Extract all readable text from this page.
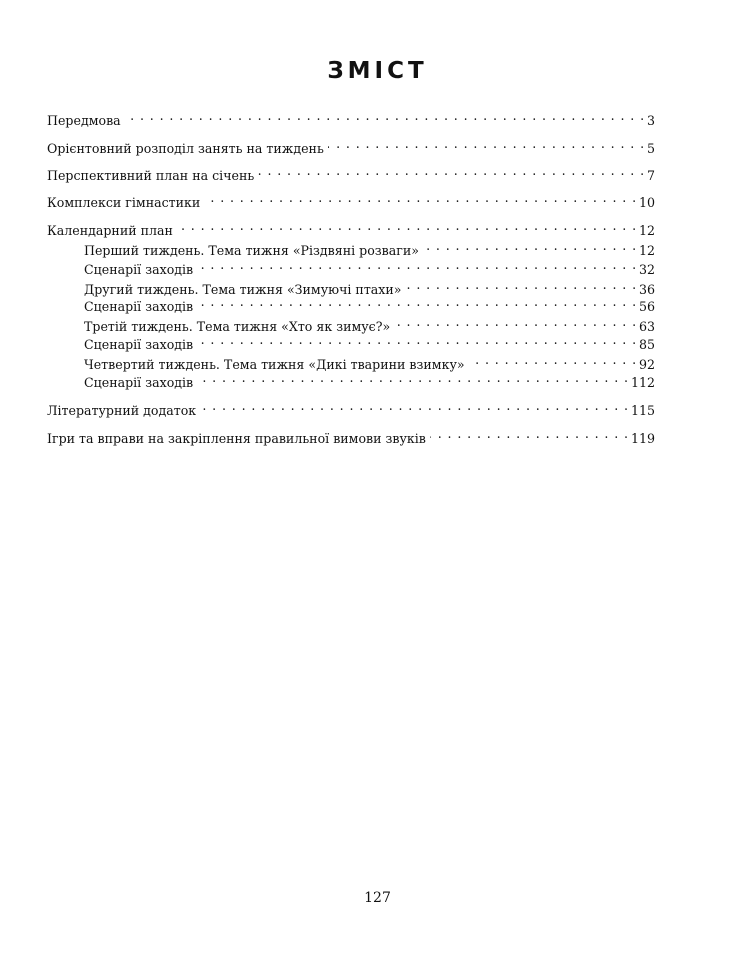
ЗМІСТ
Передмова . . .	3
Орієнтовний розподіл занять на тиждень . . .	5
Перспективний план на січень . . .	7
Комплекси гімнастики . . .	10
Календарний план . . .	12
Перший тиждень. Тема тижня «Різдвяні розваги» . . .	12
Сценарії заходів . . .	32
Другий тиждень. Тема тижня «Зимуючі птахи» . . .	36
Сценарії заходів . . .	56
Третій тиждень. Тема тижня «Хто як зимує?» . . .	63
Сценарії заходів . . .	85
Четвертий тиждень. Тема тижня «Дикі тварини взимку» . . .	92
Сценарії заходів . . .	112
Літературний додаток . . .	115
Ігри та вправи на закріплення правильної вимови звуків . . .	119
127
